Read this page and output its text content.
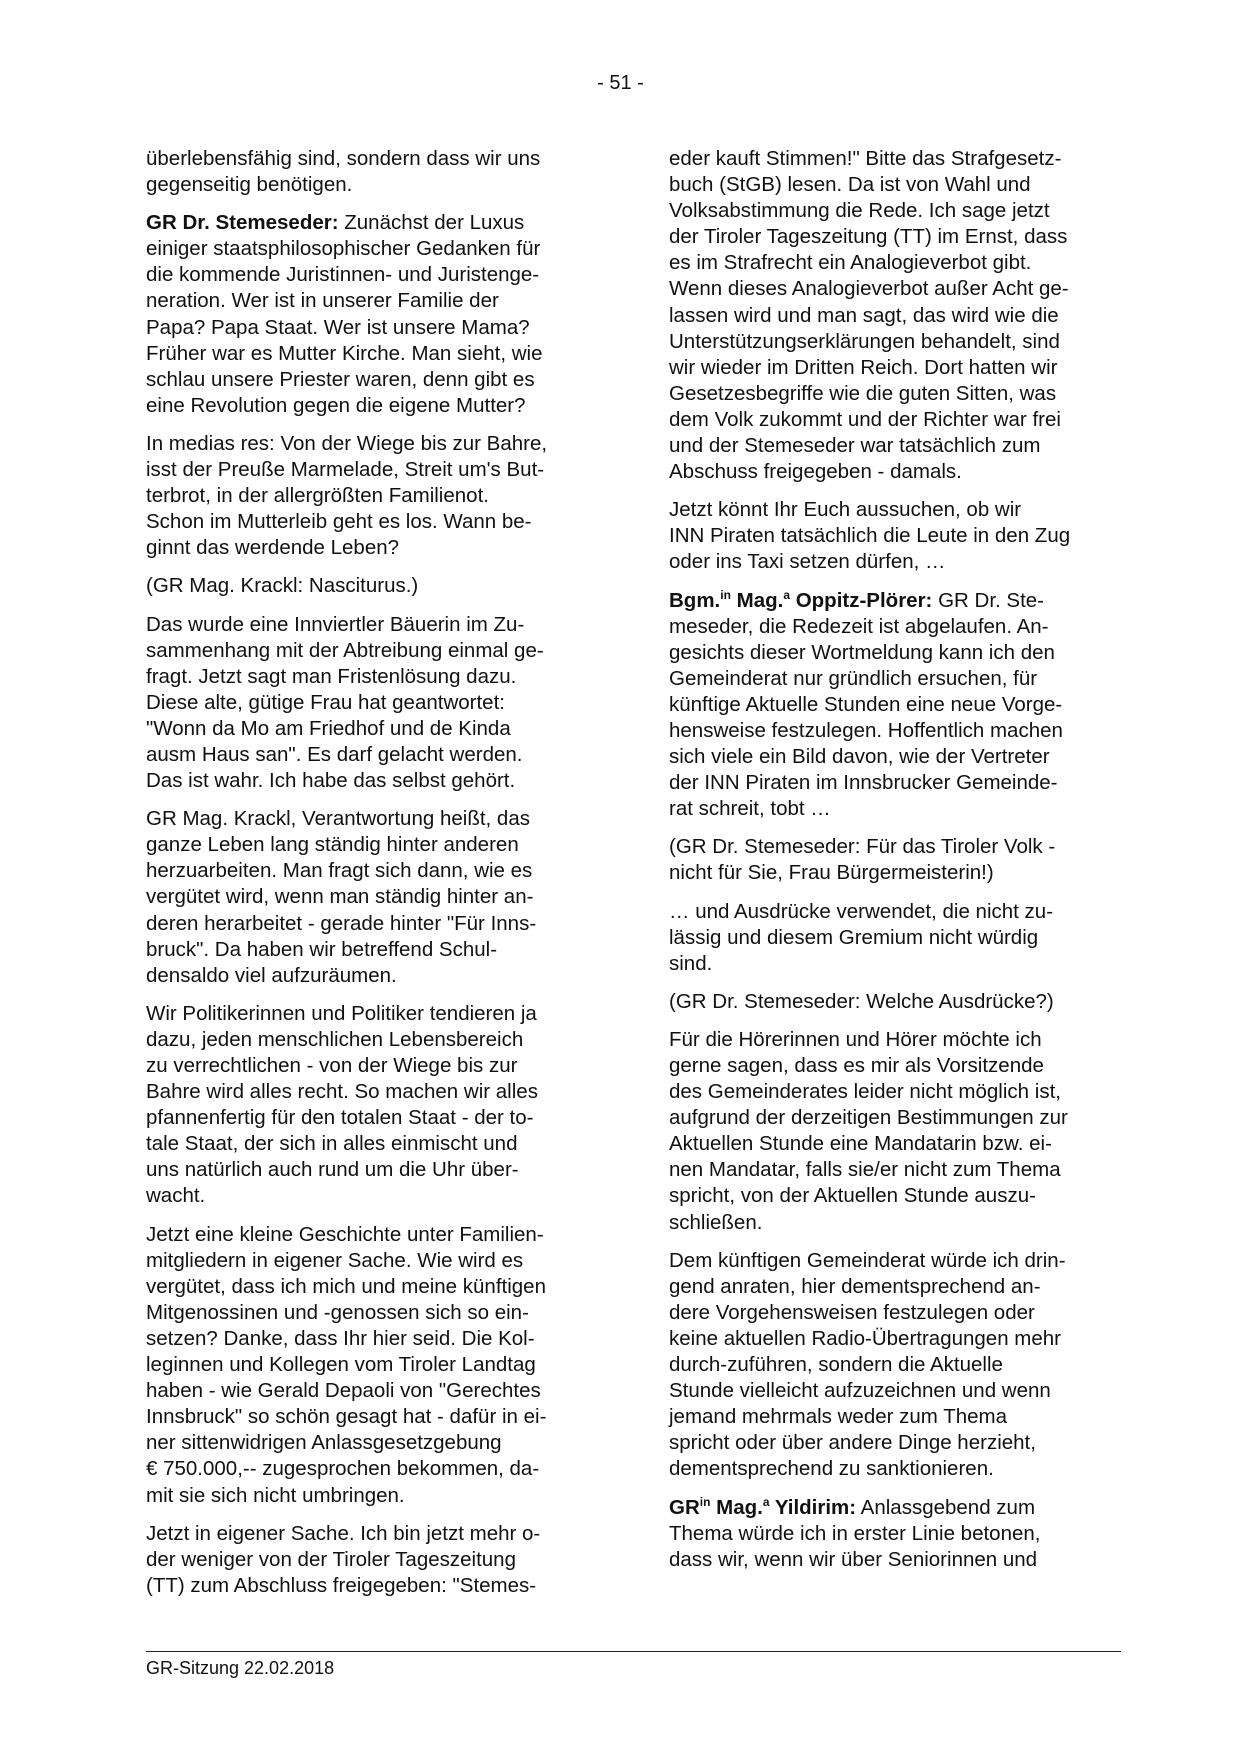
- 51 -

überlebensfähig sind, sondern dass wir uns
gegenseitig benötigen.

GR Dr. Stemeseder: Zunächst der Luxus
einiger staatsphilosophischer Gedanken für
die kommende Juristinnen- und Juristenge-
neration. Wer ist in unserer Familie der
Papa? Papa Staat. Wer ist unsere Mama?
Früher war es Mutter Kirche. Man sieht, wie
schlau unsere Priester waren, denn gibt es
eine Revolution gegen die eigene Mutter?

In medias res: Von der Wiege bis zur Bahre,
isst der Preuße Marmelade, Streit um's But-
terbrot, in der allergrößten Familienot.
Schon im Mutterleib geht es los. Wann be-
ginnt das werdende Leben?

(GR Mag. Krackl: Nasciturus.)

Das wurde eine Innviertler Bäuerin im Zu-
sammenhang mit der Abtreibung einmal ge-
fragt. Jetzt sagt man Fristenlösung dazu.
Diese alte, gütige Frau hat geantwortet:
"Wonn da Mo am Friedhof und de Kinda
ausm Haus san". Es darf gelacht werden.
Das ist wahr. Ich habe das selbst gehört.

GR Mag. Krackl, Verantwortung heißt, das
ganze Leben lang ständig hinter anderen
herzuarbeiten. Man fragt sich dann, wie es
vergütet wird, wenn man ständig hinter an-
deren herarbeitet - gerade hinter "Für Inns-
bruck". Da haben wir betreffend Schul-
densaldo viel aufzuräumen.

Wir Politikerinnen und Politiker tendieren ja
dazu, jeden menschlichen Lebensbereich
zu verrechtlichen - von der Wiege bis zur
Bahre wird alles recht. So machen wir alles
pfannenfertig für den totalen Staat - der to-
tale Staat, der sich in alles einmischt und
uns natürlich auch rund um die Uhr über-
wacht.

Jetzt eine kleine Geschichte unter Familien-
mitgliedern in eigener Sache. Wie wird es
vergütet, dass ich mich und meine künftigen
Mitgenossinen und -genossen sich so ein-
setzen? Danke, dass Ihr hier seid. Die Kol-
leginnen und Kollegen vom Tiroler Landtag
haben - wie Gerald Depaoli von "Gerechtes
Innsbruck" so schön gesagt hat - dafür in ei-
ner sittenwidrigen Anlassgesetzgebung
€ 750.000,-- zugesprochen bekommen, da-
mit sie sich nicht umbringen.

Jetzt in eigener Sache. Ich bin jetzt mehr o-
der weniger von der Tiroler Tageszeitung
(TT) zum Abschluss freigegeben: "Stemes-

eder kauft Stimmen!" Bitte das Strafgesetz-
buch (StGB) lesen. Da ist von Wahl und
Volksabstimmung die Rede. Ich sage jetzt
der Tiroler Tageszeitung (TT) im Ernst, dass
es im Strafrecht ein Analogieverbot gibt.
Wenn dieses Analogieverbot außer Acht ge-
lassen wird und man sagt, das wird wie die
Unterstützungserklärungen behandelt, sind
wir wieder im Dritten Reich. Dort hatten wir
Gesetzesbegriffe wie die guten Sitten, was
dem Volk zukommt und der Richter war frei
und der Stemeseder war tatsächlich zum
Abschuss freigegeben - damals.

Jetzt könnt Ihr Euch aussuchen, ob wir
INN Piraten tatsächlich die Leute in den Zug
oder ins Taxi setzen dürfen, …

Bgm.$^{in}$ Mag.$^a$ Oppitz-Plörer: GR Dr. Ste-
meseder, die Redezeit ist abgelaufen. An-
gesichts dieser Wortmeldung kann ich den
Gemeinderat nur gründlich ersuchen, für
künftige Aktuelle Stunden eine neue Vorge-
hensweise festzulegen. Hoffentlich machen
sich viele ein Bild davon, wie der Vertreter
der INN Piraten im Innsbrucker Gemeinde-
rat schreit, tobt …

(GR Dr. Stemeseder: Für das Tiroler Volk -
nicht für Sie, Frau Bürgermeisterin!)

… und Ausdrücke verwendet, die nicht zu-
lässig und diesem Gremium nicht würdig
sind.

(GR Dr. Stemeseder: Welche Ausdrücke?)

Für die Hörerinnen und Hörer möchte ich
gerne sagen, dass es mir als Vorsitzende
des Gemeinderates leider nicht möglich ist,
aufgrund der derzeitigen Bestimmungen zur
Aktuellen Stunde eine Mandatarin bzw. ei-
nen Mandatar, falls sie/er nicht zum Thema
spricht, von der Aktuellen Stunde auszu-
schließen.

Dem künftigen Gemeinderat würde ich drin-
gend anraten, hier dementsprechend an-
dere Vorgehensweisen festzulegen oder
keine aktuellen Radio-Übertragungen mehr
durch-zuführen, sondern die Aktuelle
Stunde vielleicht aufzuzeichnen und wenn
jemand mehrmals weder zum Thema
spricht oder über andere Dinge herzieht,
dementsprechend zu sanktionieren.

$GR^{in}$ Mag.$^a$ Yildirim: Anlassgebend zum
Thema würde ich in erster Linie betonen,
dass wir, wenn wir über Seniorinnen und

GR-Sitzung 22.02.2018
